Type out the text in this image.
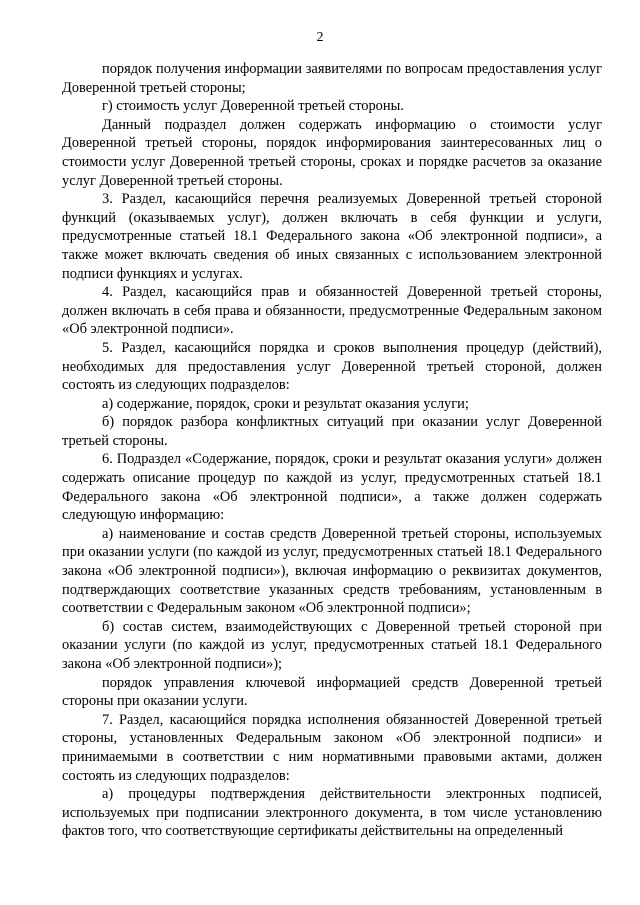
2

порядок получения информации заявителями по вопросам предоставления услуг Доверенной третьей стороны;

г) стоимость услуг Доверенной третьей стороны.

Данный подраздел должен содержать информацию о стоимости услуг Доверенной третьей стороны, порядок информирования заинтересованных лиц о стоимости услуг Доверенной третьей стороны, сроках и порядке расчетов за оказание услуг Доверенной третьей стороны.

3. Раздел, касающийся перечня реализуемых Доверенной третьей стороной функций (оказываемых услуг), должен включать в себя функции и услуги, предусмотренные статьей 18.1 Федерального закона «Об электронной подписи», а также может включать сведения об иных связанных с использованием электронной подписи функциях и услугах.

4. Раздел, касающийся прав и обязанностей Доверенной третьей стороны, должен включать в себя права и обязанности, предусмотренные Федеральным законом «Об электронной подписи».

5. Раздел, касающийся порядка и сроков выполнения процедур (действий), необходимых для предоставления услуг Доверенной третьей стороной, должен состоять из следующих подразделов:

а) содержание, порядок, сроки и результат оказания услуги;

б) порядок разбора конфликтных ситуаций при оказании услуг Доверенной третьей стороны.

6. Подраздел «Содержание, порядок, сроки и результат оказания услуги» должен содержать описание процедур по каждой из услуг, предусмотренных статьей 18.1 Федерального закона «Об электронной подписи», а также должен содержать следующую информацию:

а) наименование и состав средств Доверенной третьей стороны, используемых при оказании услуги (по каждой из услуг, предусмотренных статьей 18.1 Федерального закона «Об электронной подписи»), включая информацию о реквизитах документов, подтверждающих соответствие указанных средств требованиям, установленным в соответствии с Федеральным законом «Об электронной подписи»;

б) состав систем, взаимодействующих с Доверенной третьей стороной при оказании услуги (по каждой из услуг, предусмотренных статьей 18.1 Федерального закона «Об электронной подписи»);

порядок управления ключевой информацией средств Доверенной третьей стороны при оказании услуги.

7. Раздел, касающийся порядка исполнения обязанностей Доверенной третьей стороны, установленных Федеральным законом «Об электронной подписи» и принимаемыми в соответствии с ним нормативными правовыми актами, должен состоять из следующих подразделов:

а) процедуры подтверждения действительности электронных подписей, используемых при подписании электронного документа, в том числе установлению фактов того, что соответствующие сертификаты действительны на определенный
